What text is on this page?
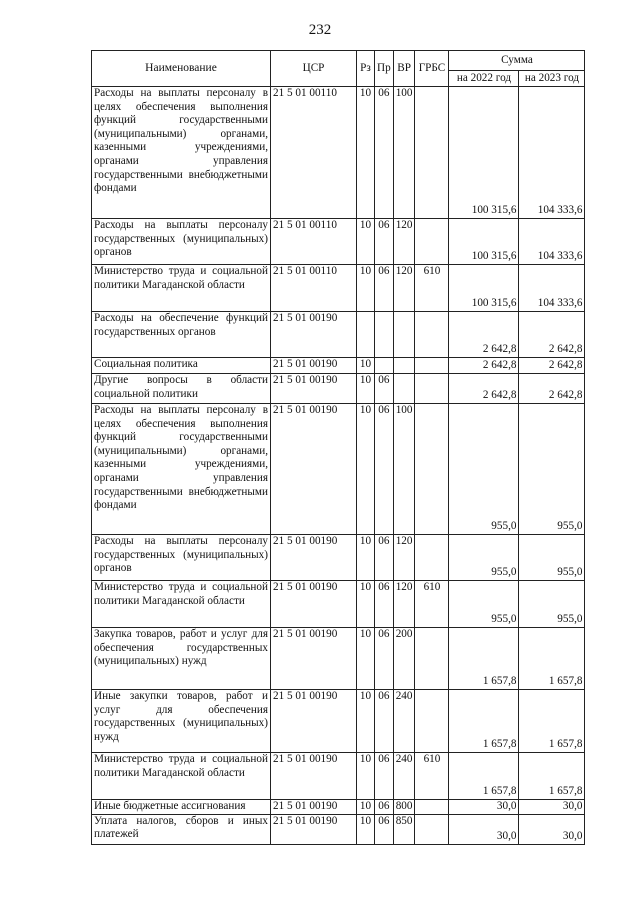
232
Наименование	ЦСР	Рз	Пр	ВР	ГРБС	Сумма	
						на 2022 год	на 2023 год
Расходы на выплаты персоналу в целях обеспечения выполнения функций государственными (муниципальными) органами, казенными учреждениями, органами управления государственными внебюджетными фондами	21 5 01 00110	10	06	100		100 315,6	104 333,6
Расходы на выплаты персоналу государственных (муниципальных) органов	21 5 01 00110	10	06	120		100 315,6	104 333,6
Министерство труда и социальной политики Магаданской области	21 5 01 00110	10	06	120	610	100 315,6	104 333,6
Расходы на обеспечение функций государственных органов	21 5 01 00190					2 642,8	2 642,8
Социальная политика	21 5 01 00190	10				2 642,8	2 642,8
Другие вопросы в области социальной политики	21 5 01 00190	10	06			2 642,8	2 642,8
Расходы на выплаты персоналу в целях обеспечения выполнения функций государственными (муниципальными) органами, казенными учреждениями, органами управления государственными внебюджетными фондами	21 5 01 00190	10	06	100		955,0	955,0
Расходы на выплаты персоналу государственных (муниципальных) органов	21 5 01 00190	10	06	120		955,0	955,0
Министерство труда и социальной политики Магаданской области	21 5 01 00190	10	06	120	610	955,0	955,0
Закупка товаров, работ и услуг для обеспечения государственных (муниципальных) нужд	21 5 01 00190	10	06	200		1 657,8	1 657,8
Иные закупки товаров, работ и услуг для обеспечения государственных (муниципальных) нужд	21 5 01 00190	10	06	240		1 657,8	1 657,8
Министерство труда и социальной политики Магаданской области	21 5 01 00190	10	06	240	610	1 657,8	1 657,8
Иные бюджетные ассигнования	21 5 01 00190	10	06	800		30,0	30,0
Уплата налогов, сборов и иных платежей	21 5 01 00190	10	06	850		30,0	30,0
